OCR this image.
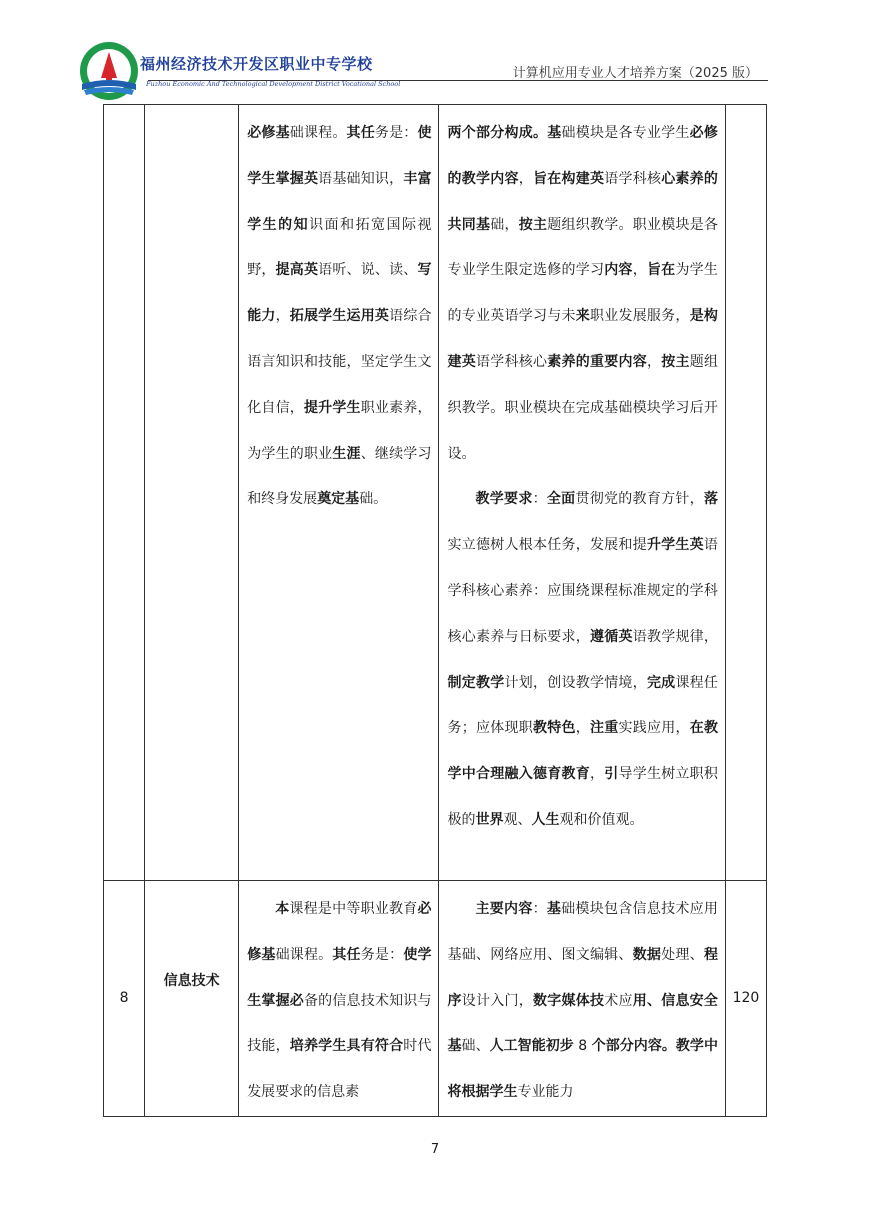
福州经济技术开发区职业中专学校
Fuzhou Economic And Technological Development District Vocational School
计算机应用专业人才培养方案（2025 版）

		必修基础课程。其任务是：使学生掌握英语基础知识，丰富学生的知识面和拓宽国际视野，提高英语听、说、读、写能力，拓展学生运用英语综合语言知识和技能，坚定学生文化自信，提升学生职业素养，为学生的职业生涯、继续学习和终身发展奠定基础。	两个部分构成。基础模块是各专业学生必修的教学内容，旨在构建英语学科核心素养的共同基础，按主题组织教学。职业模块是各专业学生限定选修的学习内容，旨在为学生的专业英语学习与未来职业发展服务，是构建英语学科核心素养的重要内容，按主题组织教学。职业模块在完成基础模块学习后开设。

教学要求：全面贯彻党的教育方针，落实立德树人根本任务，发展和提升学生英语学科核心素养：应围绕课程标准规定的学科核心素养与日标要求，遵循英语教学规律，制定教学计划，创设教学情境，完成课程任务；应体现职教特色，注重实践应用，在教学中合理融入德育教育，引导学生树立职积极的世界观、人生观和价值观。	

8	信息技术	本课程是中等职业教育必修基础课程。其任务是：使学生掌握必备的信息技术知识与技能，培养学生具有符合时代发展要求的信息素	主要内容：基础模块包含信息技术应用基础、网络应用、图文编辑、数据处理、程序设计入门，数字媒体技术应用、信息安全基础、人工智能初步 8 个部分内容。教学中将根据学生专业能力	120
7
